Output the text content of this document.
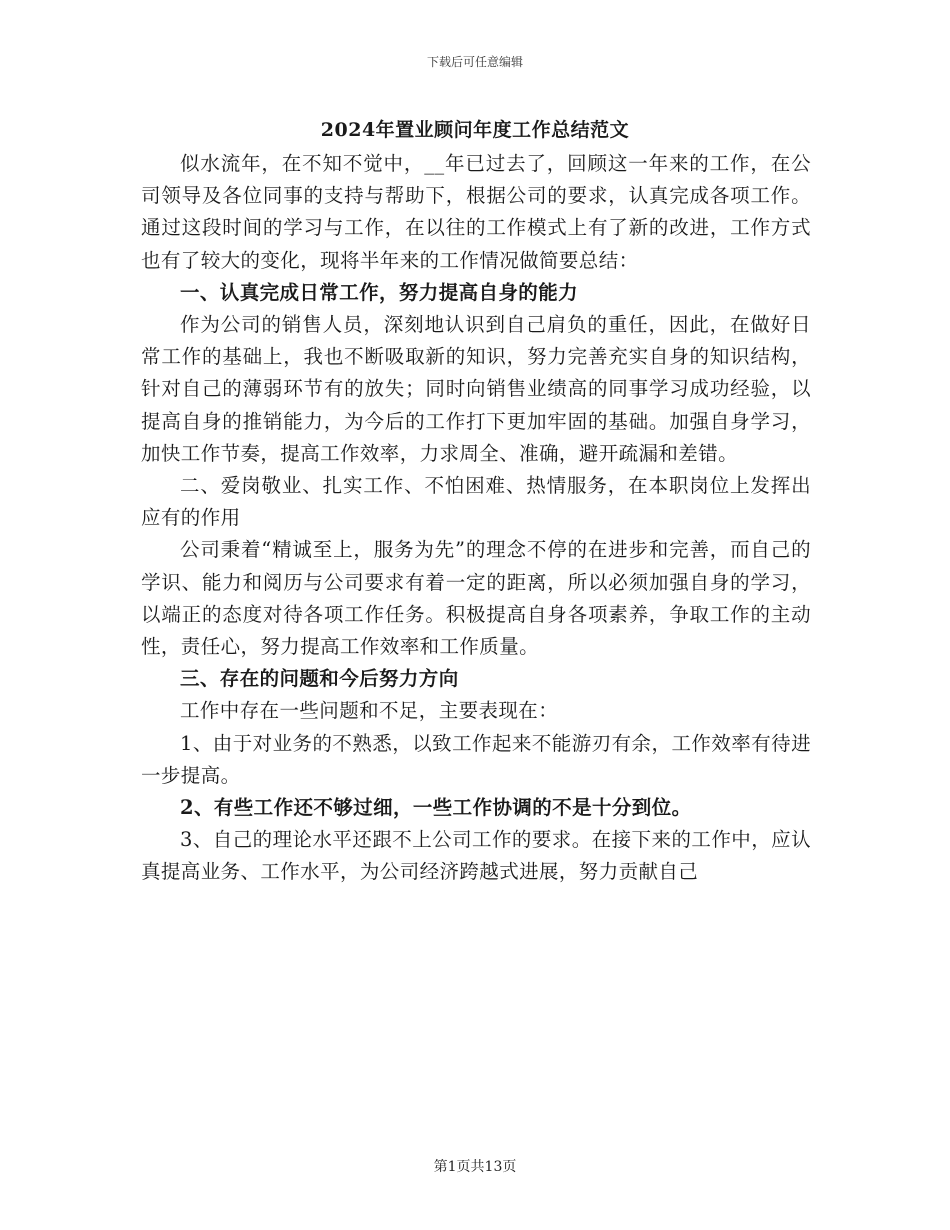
下载后可任意编辑
2024年置业顾问年度工作总结范文

似水流年，在不知不觉中，__年已过去了，回顾这一年来的工作，在公司领导及各位同事的支持与帮助下，根据公司的要求，认真完成各项工作。通过这段时间的学习与工作，在以往的工作模式上有了新的改进，工作方式也有了较大的变化，现将半年来的工作情况做简要总结：

一、认真完成日常工作，努力提高自身的能力

作为公司的销售人员，深刻地认识到自己肩负的重任，因此，在做好日常工作的基础上，我也不断吸取新的知识，努力完善充实自身的知识结构，针对自己的薄弱环节有的放失；同时向销售业绩高的同事学习成功经验，以提高自身的推销能力，为今后的工作打下更加牢固的基础。加强自身学习，加快工作节奏，提高工作效率，力求周全、准确，避开疏漏和差错。

二、爱岗敬业、扎实工作、不怕困难、热情服务，在本职岗位上发挥出应有的作用

公司秉着“精诚至上，服务为先”的理念不停的在进步和完善，而自己的学识、能力和阅历与公司要求有着一定的距离，所以必须加强自身的学习，以端正的态度对待各项工作任务。积极提高自身各项素养，争取工作的主动性，责任心，努力提高工作效率和工作质量。

三、存在的问题和今后努力方向

工作中存在一些问题和不足，主要表现在：

1、由于对业务的不熟悉，以致工作起来不能游刃有余，工作效率有待进一步提高。

2、有些工作还不够过细，一些工作协调的不是十分到位。

3、自己的理论水平还跟不上公司工作的要求。在接下来的工作中，应认真提高业务、工作水平，为公司经济跨越式进展，努力贡献自己

第1页共13页
